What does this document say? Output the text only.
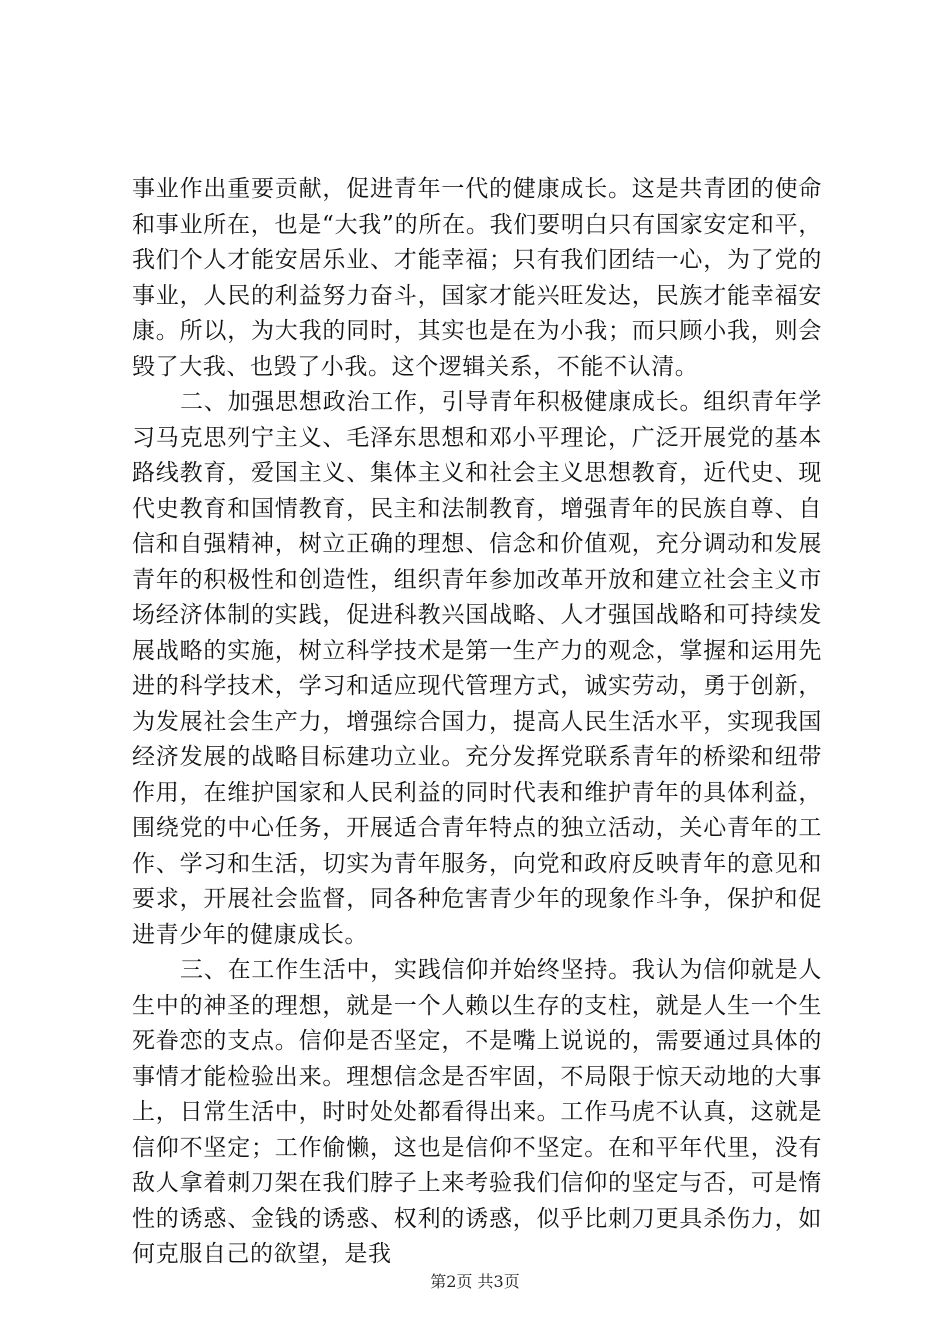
事业作出重要贡献，促进青年一代的健康成长。这是共青团的使命和事业所在，也是“大我”的所在。我们要明白只有国家安定和平，我们个人才能安居乐业、才能幸福；只有我们团结一心，为了党的事业，人民的利益努力奋斗，国家才能兴旺发达，民族才能幸福安康。所以，为大我的同时，其实也是在为小我；而只顾小我，则会毁了大我、也毁了小我。这个逻辑关系，不能不认清。

二、加强思想政治工作，引导青年积极健康成长。组织青年学习马克思列宁主义、毛泽东思想和邓小平理论，广泛开展党的基本路线教育，爱国主义、集体主义和社会主义思想教育，近代史、现代史教育和国情教育，民主和法制教育，增强青年的民族自尊、自信和自强精神，树立正确的理想、信念和价值观，充分调动和发展青年的积极性和创造性，组织青年参加改革开放和建立社会主义市场经济体制的实践，促进科教兴国战略、人才强国战略和可持续发展战略的实施，树立科学技术是第一生产力的观念，掌握和运用先进的科学技术，学习和适应现代管理方式，诚实劳动，勇于创新，为发展社会生产力，增强综合国力，提高人民生活水平，实现我国经济发展的战略目标建功立业。充分发挥党联系青年的桥梁和纽带作用，在维护国家和人民利益的同时代表和维护青年的具体利益，围绕党的中心任务，开展适合青年特点的独立活动，关心青年的工作、学习和生活，切实为青年服务，向党和政府反映青年的意见和要求，开展社会监督，同各种危害青少年的现象作斗争，保护和促进青少年的健康成长。

三、在工作生活中，实践信仰并始终坚持。我认为信仰就是人生中的神圣的理想，就是一个人赖以生存的支柱，就是人生一个生死眷恋的支点。信仰是否坚定，不是嘴上说说的，需要通过具体的事情才能检验出来。理想信念是否牢固，不局限于惊天动地的大事上，日常生活中，时时处处都看得出来。工作马虎不认真，这就是信仰不坚定；工作偷懒，这也是信仰不坚定。在和平年代里，没有敌人拿着刺刀架在我们脖子上来考验我们信仰的坚定与否，可是惰性的诱惑、金钱的诱惑、权利的诱惑，似乎比刺刀更具杀伤力，如何克服自己的欲望，是我

第2页 共3页
